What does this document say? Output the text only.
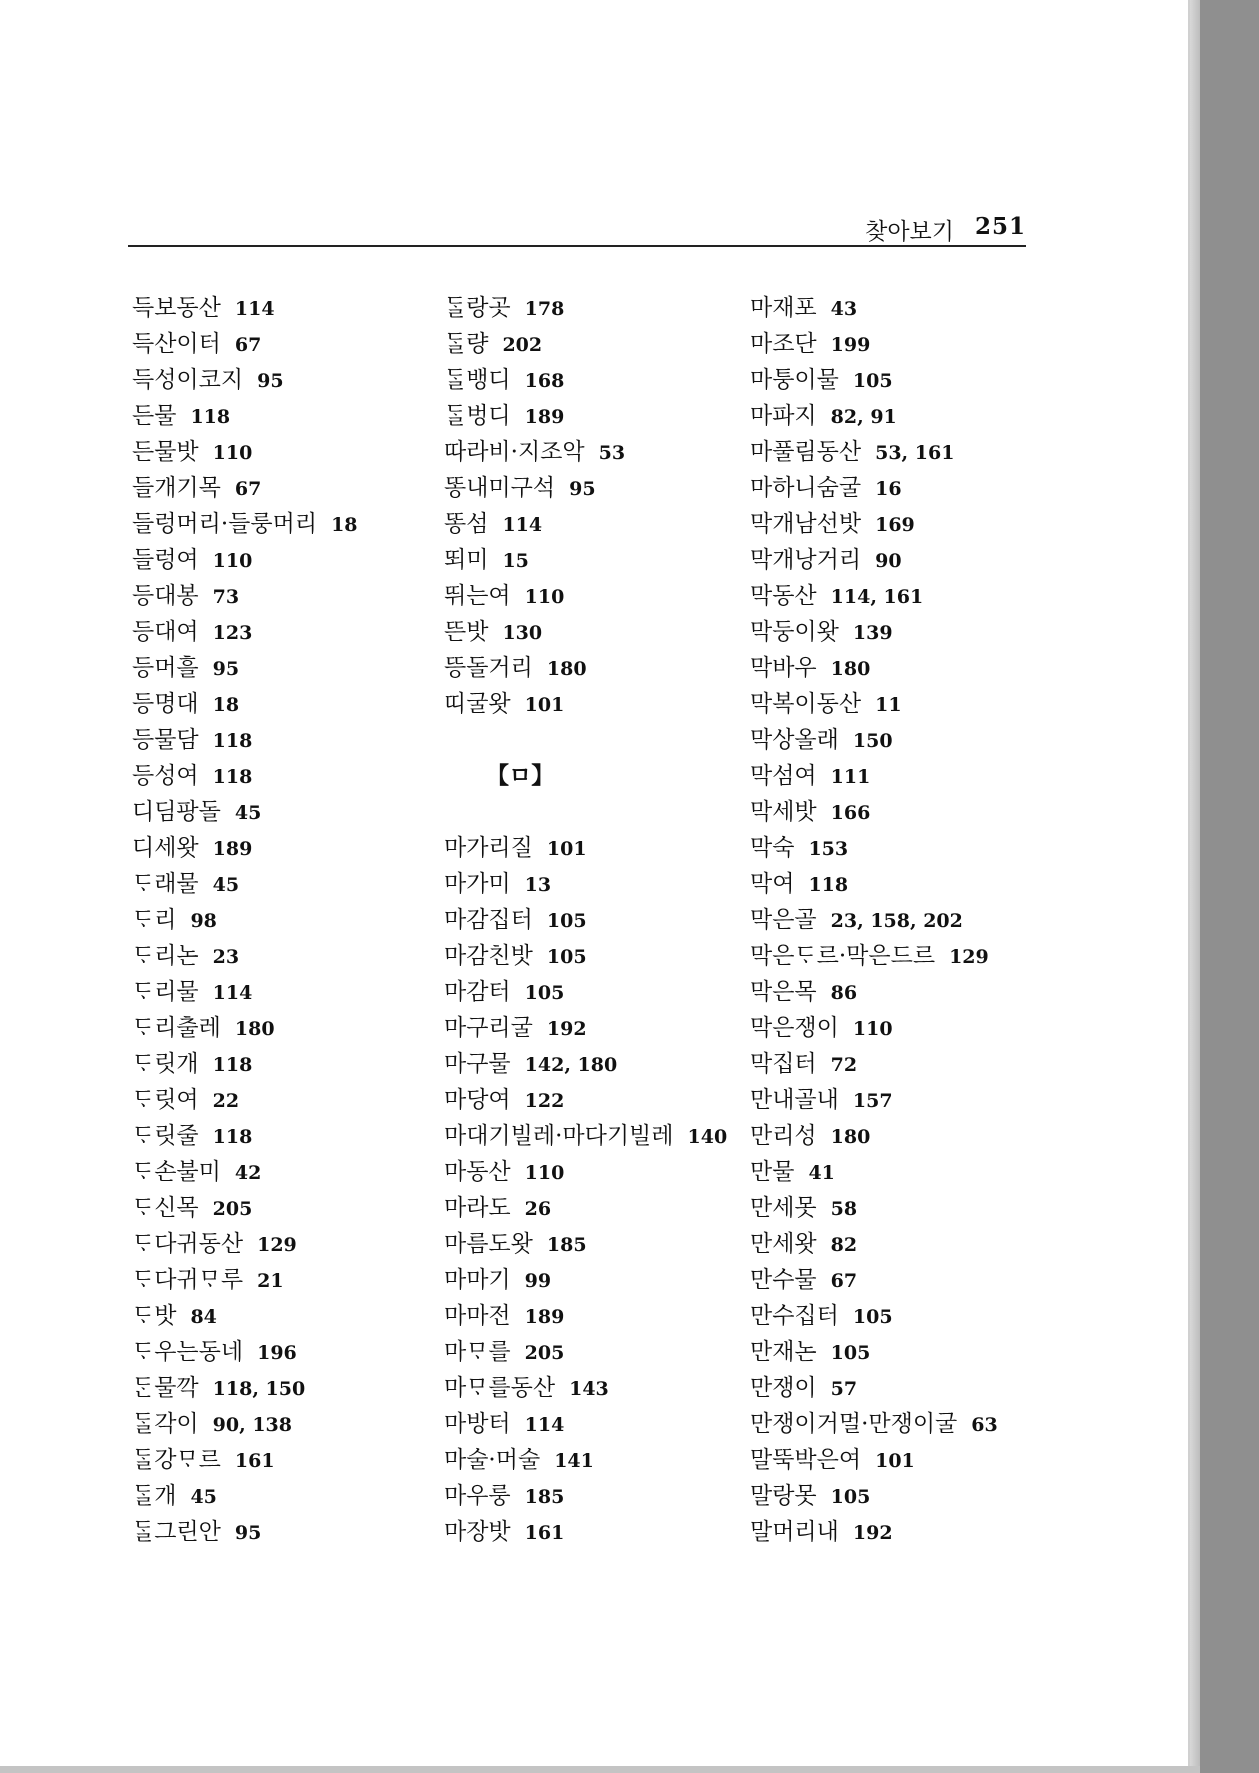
찾아보기 251
득보동산 114
득산이터 67
득성이코지 95
든물 118
든물밧 110
들개기목 67
들렁머리·들룽머리 18
들렁여 110
등대봉 73
등대여 123
등머흘 95
등명대 18
등물담 118
등성여 118
디딤팡돌 45
디세왓 189
ᄃᆞ래물 45
ᄃᆞ리 98
ᄃᆞ리논 23
ᄃᆞ리물 114
ᄃᆞ리출레 180
ᄃᆞ릿개 118
ᄃᆞ릿여 22
ᄃᆞ릿줄 118
ᄃᆞ손불미 42
ᄃᆞ신목 205
ᄃᆞ다귀동산 129
ᄃᆞ다귀ᄆᆞ루 21
ᄃᆞ밧 84
ᄃᆞ우는동네 196
ᄃᆞᆫ물깍 118, 150
ᄃᆞᆯ각이 90, 138
ᄃᆞᆯ강ᄆᆞ르 161
ᄃᆞᆯ개 45
ᄃᆞᆯ그린안 95
ᄃᆞᆯ랑곳 178
ᄃᆞᆯ량 202
ᄃᆞᆯ뱅디 168
ᄃᆞᆯ벙디 189
따라비·지조악 53
똥내미구석 95
똥섬 114
뙤미 15
뛰는여 110
뜬밧 130
뜽돌거리 180
띠굴왓 101
【ㅁ】
마가리질 101
마가미 13
마감집터 105
마감친밧 105
마감터 105
마구리굴 192
마구물 142, 180
마당여 122
마대기빌레·마다기빌레 140
마동산 110
마라도 26
마름도왓 185
마마기 99
마마전 189
마ᄆᆞ를 205
마ᄆᆞ를동산 143
마방터 114
마술·머술 141
마우룽 185
마장밧 161
마재포 43
마조단 199
마퉁이물 105
마파지 82, 91
마풀림동산 53, 161
마하니숨굴 16
막개남선밧 169
막개낭거리 90
막동산 114, 161
막둥이왓 139
막바우 180
막복이동산 11
막상올래 150
막섬여 111
막세밧 166
막숙 153
막여 118
막은골 23, 158, 202
막은ᄃᆞ르·막은드르 129
막은목 86
막은쟁이 110
막집터 72
만내골내 157
만리성 180
만물 41
만세못 58
만세왓 82
만수물 67
만수집터 105
만재논 105
만쟁이 57
만쟁이거멀·만쟁이굴 63
말뚝박은여 101
말랑못 105
말머리내 192
